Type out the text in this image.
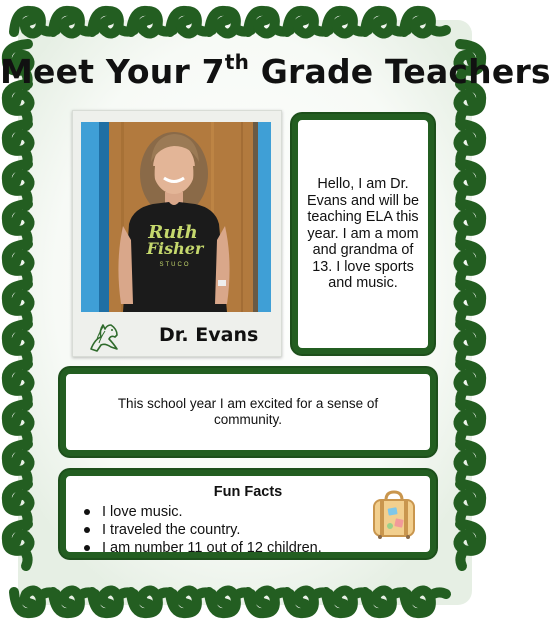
Meet Your 7th Grade Teachers
Ruth
Fisher
STUCO
Dr. Evans
Hello, I am Dr. Evans and will be teaching ELA this year. I am a mom and grandma of 13. I love sports and music.
This school year I am excited for a sense of community.
Fun Facts
I love music.
I traveled the country.
I am number 11 out of 12 children.
